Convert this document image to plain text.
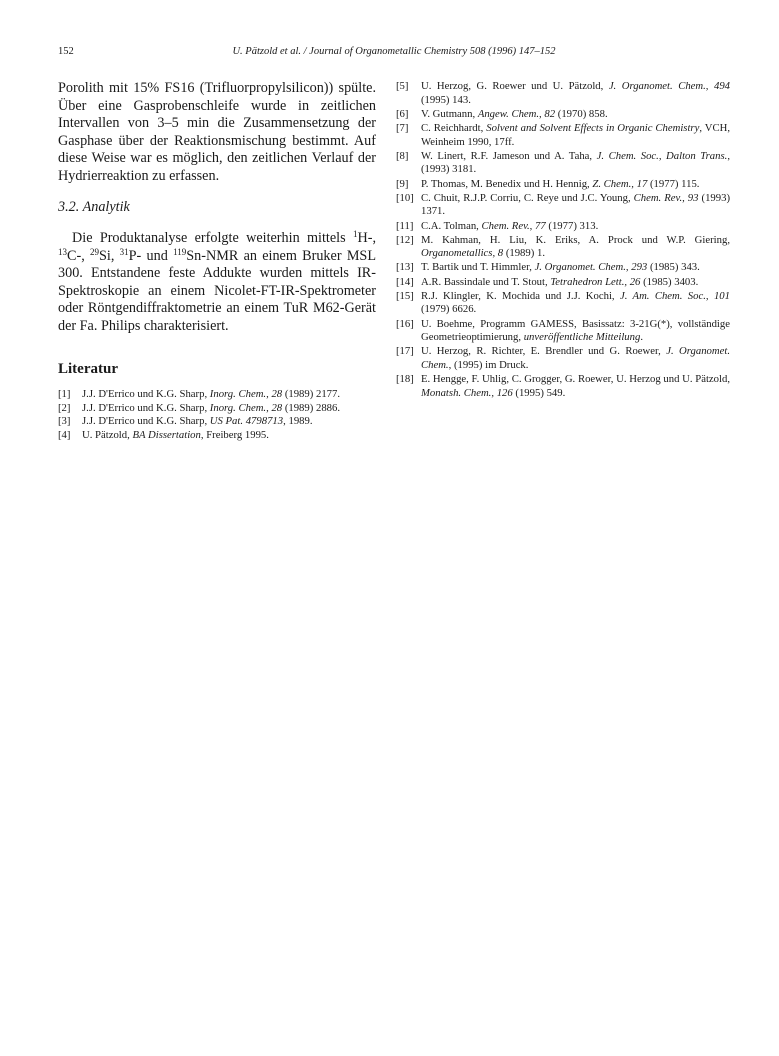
152	U. Pätzold et al. / Journal of Organometallic Chemistry 508 (1996) 147–152

Porolith mit 15% FS16 (Trifluorpropylsilicon)) spülte. Über eine Gasprobenschleife wurde in zeitlichen Intervallen von 3–5 min die Zusammensetzung der Gasphase über der Reaktionsmischung bestimmt. Auf diese Weise war es möglich, den zeitlichen Verlauf der Hydrierreaktion zu erfassen.

3.2. Analytik

Die Produktanalyse erfolgte weiterhin mittels $^1$H-, $^{13}$C-, $^{29}$Si, $^{31}$P- und $^{119}$Sn-NMR an einem Bruker MSL 300. Entstandene feste Addukte wurden mittels IR-Spektroskopie an einem Nicolet-FT-IR-Spektrometer oder Röntgendiffraktometrie an einem TuR M62-Gerät der Fa. Philips charakterisiert.

Literatur
[1]	J.J. D'Errico und K.G. Sharp, Inorg. Chem., 28 (1989) 2177.
[2]	J.J. D'Errico und K.G. Sharp, Inorg. Chem., 28 (1989) 2886.
[3]	J.J. D'Errico und K.G. Sharp, US Pat. 4798713, 1989.
[4]	U. Pätzold, BA Dissertation, Freiberg 1995.
[5]	U. Herzog, G. Roewer und U. Pätzold, J. Organomet. Chem., 494 (1995) 143.
[6]	V. Gutmann, Angew. Chem., 82 (1970) 858.
[7]	C. Reichhardt, Solvent and Solvent Effects in Organic Chemistry, VCH, Weinheim 1990, 17ff.
[8]	W. Linert, R.F. Jameson und A. Taha, J. Chem. Soc., Dalton Trans., (1993) 3181.
[9]	P. Thomas, M. Benedix und H. Hennig, Z. Chem., 17 (1977) 115.
[10] C. Chuit, R.J.P. Corriu, C. Reye und J.C. Young, Chem. Rev., 93 (1993) 1371.
[11] C.A. Tolman, Chem. Rev., 77 (1977) 313.
[12] M. Kahman, H. Liu, K. Eriks, A. Prock und W.P. Giering, Organometallics, 8 (1989) 1.
[13] T. Bartik und T. Himmler, J. Organomet. Chem., 293 (1985) 343.
[14] A.R. Bassindale und T. Stout, Tetrahedron Lett., 26 (1985) 3403.
[15] R.J. Klingler, K. Mochida und J.J. Kochi, J. Am. Chem. Soc., 101 (1979) 6626.
[16] U. Boehme, Programm GAMESS, Basissatz: 3-21G(*), vollständige Geometrieoptimierung, unveröffentliche Mitteilung.
[17] U. Herzog, R. Richter, E. Brendler und G. Roewer, J. Organomet. Chem., (1995) im Druck.
[18] E. Hengge, F. Uhlig, C. Grogger, G. Roewer, U. Herzog und U. Pätzold, Monatsh. Chem., 126 (1995) 549.
